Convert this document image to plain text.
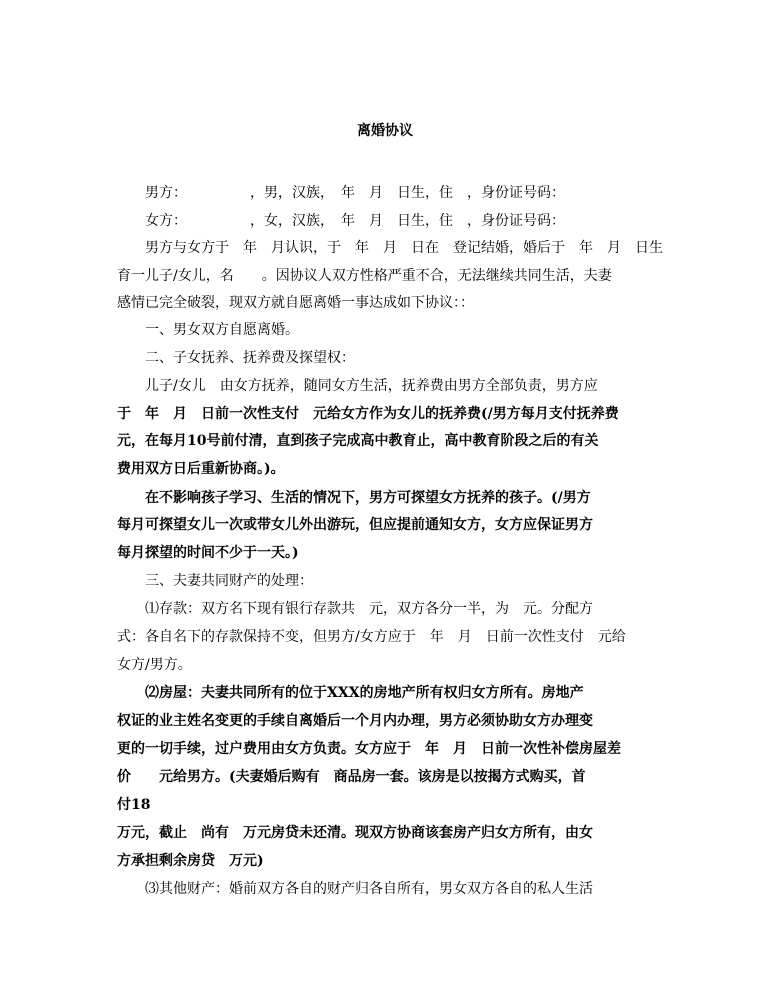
离婚协议
　　男方：　　　　　，男，汉族，　年　月　日生，住　，身份证号码：
　　女方：　　　　　，女，汉族，　年　月　日生，住　，身份证号码：
　　男方与女方于　年　月认识，于　年　月　日在　登记结婚，婚后于　年　月　日生
育一儿子/女儿，名　　。因协议人双方性格严重不合，无法继续共同生活，夫妻
感情已完全破裂，现双方就自愿离婚一事达成如下协议：：
　　一、男女双方自愿离婚。
　　二、子女抚养、抚养费及探望权：
　　儿子/女儿　由女方抚养，随同女方生活，抚养费由男方全部负责，男方应
于　年　月　日前一次性支付　元给女方作为女儿的抚养费(/男方每月支付抚养费
元，在每月10号前付清，直到孩子完成高中教育止，高中教育阶段之后的有关
费用双方日后重新协商。)。
　　在不影响孩子学习、生活的情况下，男方可探望女方抚养的孩子。(/男方
每月可探望女儿一次或带女儿外出游玩，但应提前通知女方，女方应保证男方
每月探望的时间不少于一天。)
　　三、夫妻共同财产的处理：
　　⑴存款：双方名下现有银行存款共　元，双方各分一半，为　元。分配方
式：各自名下的存款保持不变，但男方/女方应于　年　月　日前一次性支付　元给
女方/男方。
　　⑵房屋：夫妻共同所有的位于XXX的房地产所有权归女方所有。房地产
权证的业主姓名变更的手续自离婚后一个月内办理，男方必须协助女方办理变
更的一切手续，过户费用由女方负责。女方应于　年　月　日前一次性补偿房屋差
价　　元给男方。(夫妻婚后购有　商品房一套。该房是以按揭方式购买，首
付18
万元，截止　尚有　万元房贷未还清。现双方协商该套房产归女方所有，由女
方承担剩余房贷　万元)
　　⑶其他财产：婚前双方各自的财产归各自所有，男女双方各自的私人生活
